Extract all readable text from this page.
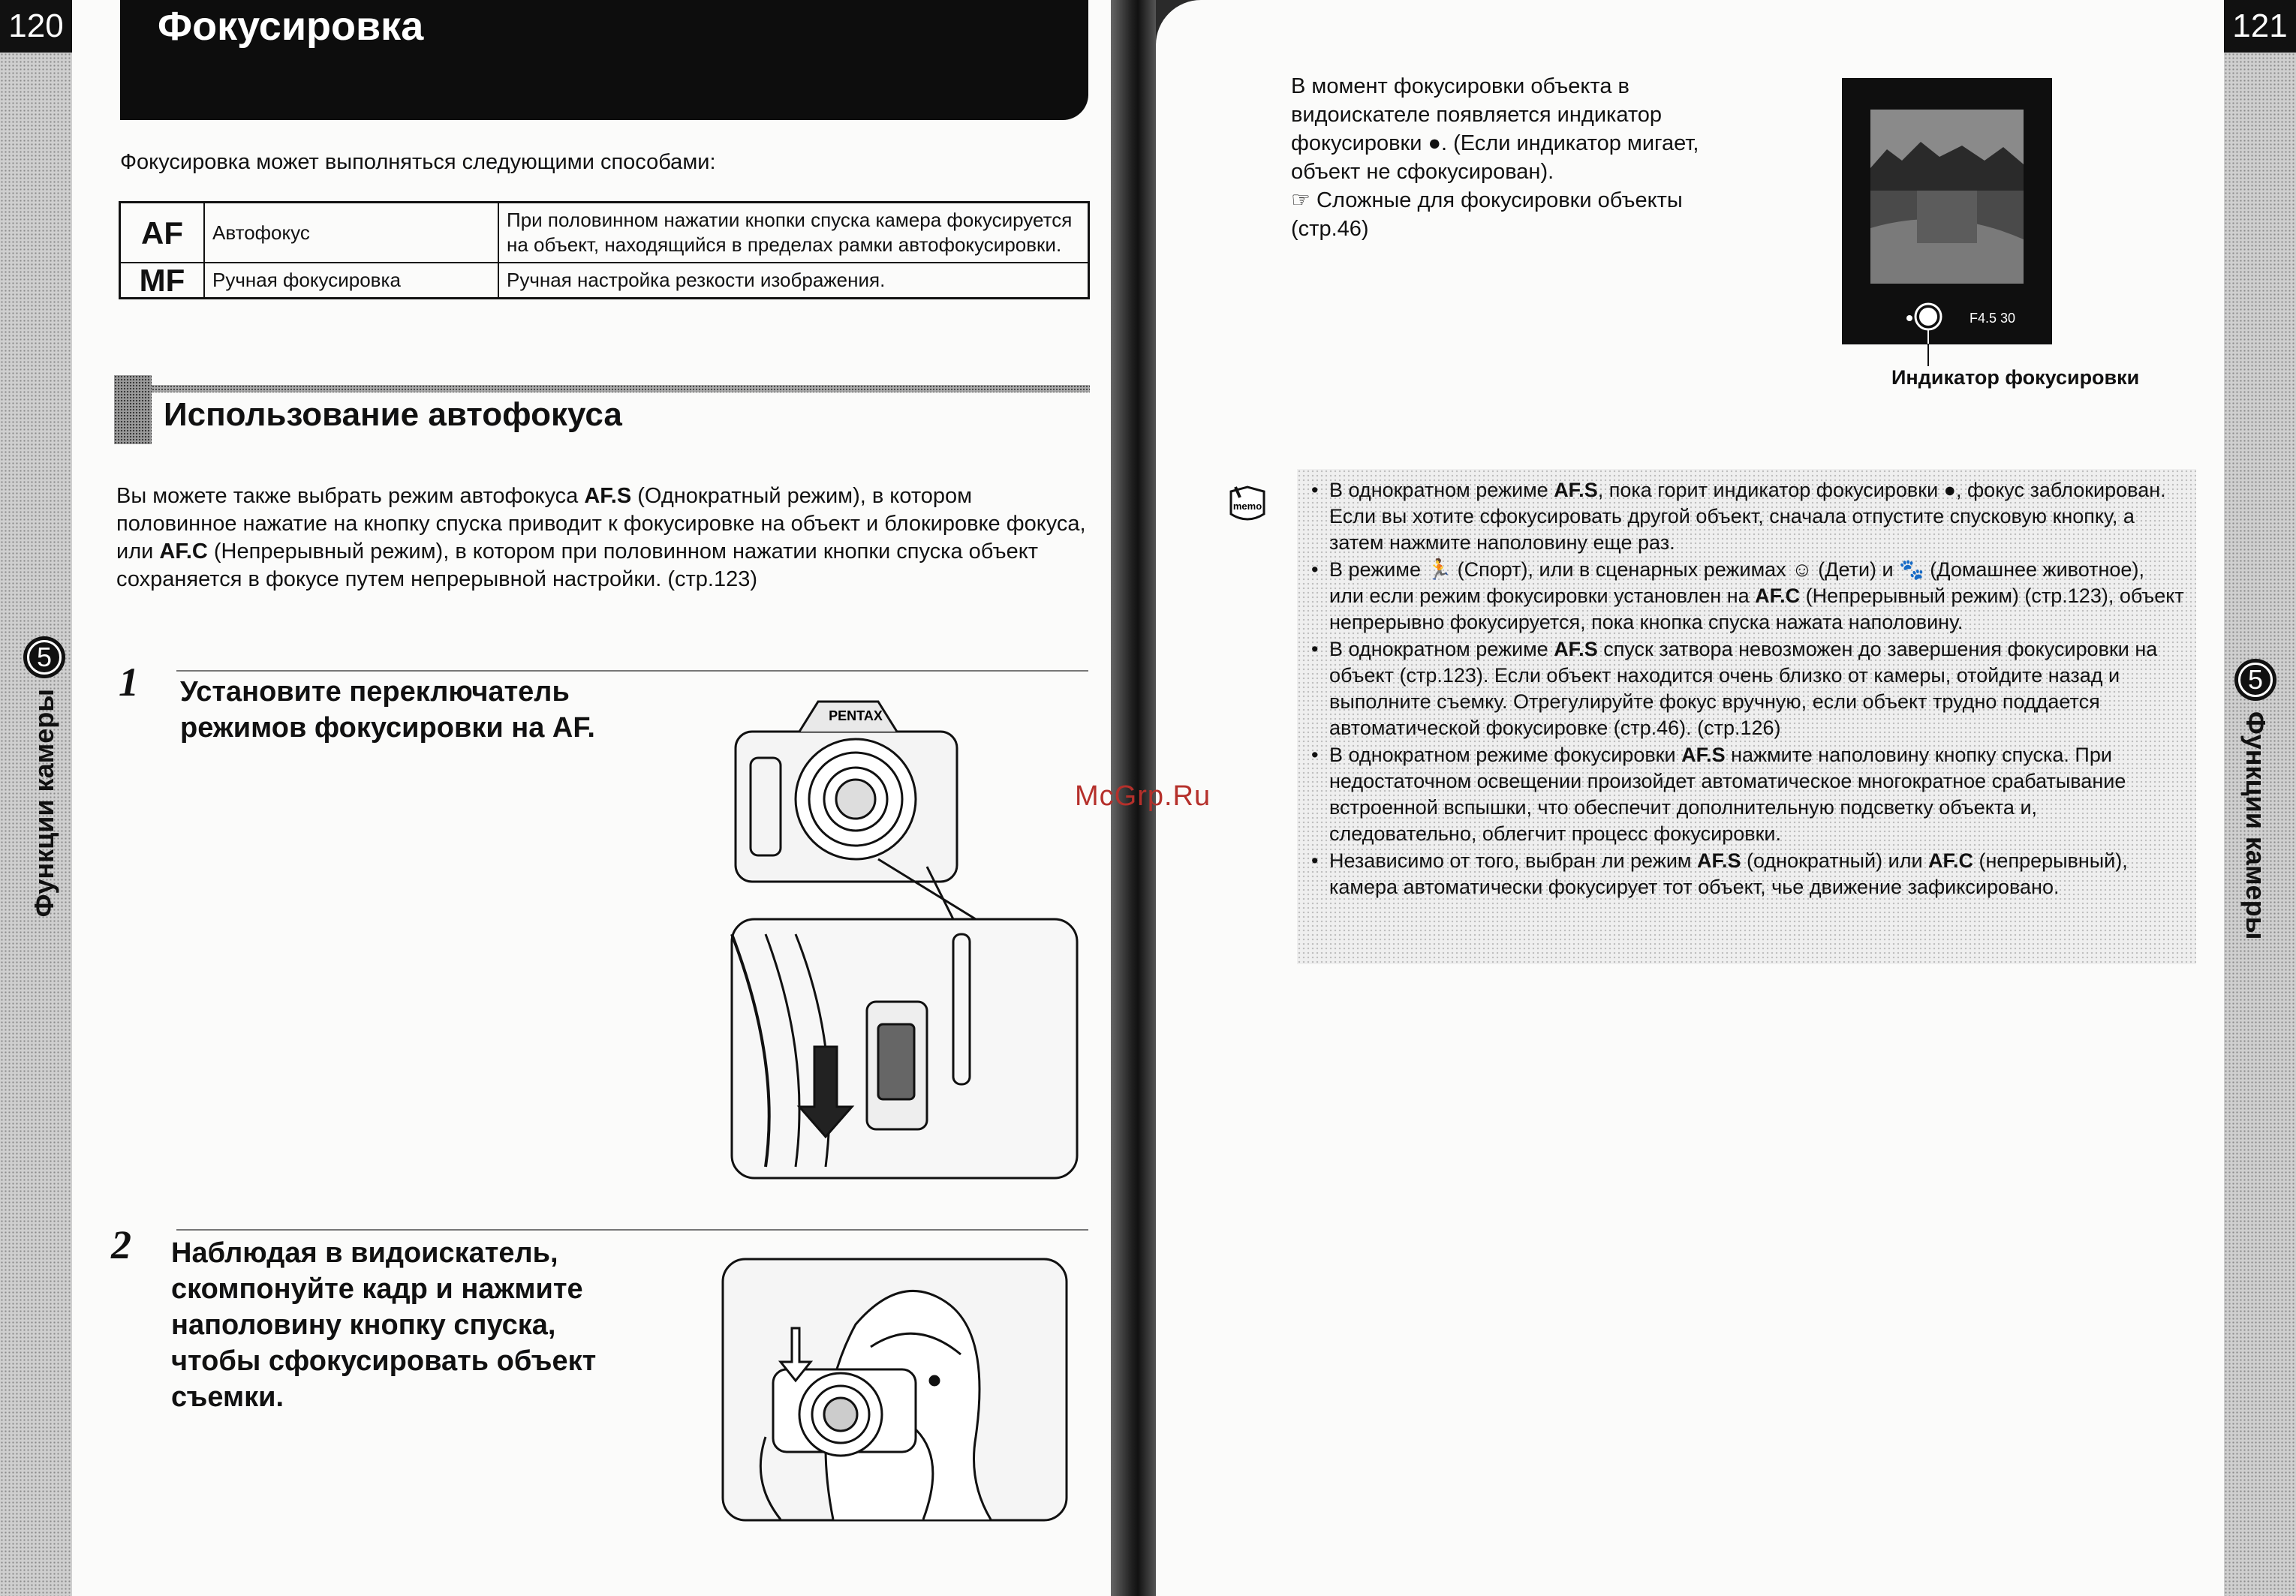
120 Фокусировка
Фокусировка может выполняться следующими способами:
AF	Автофокус	При половинном нажатии кнопки спуска камера фокусируется на объект, находящийся в пределах рамки автофокусировки.
MF	Ручная фокусировка	Ручная настройка резкости изображения.
Использование автофокуса
Вы можете также выбрать режим автофокуса AF.S (Однократный режим), в котором половинное нажатие на кнопку спуска приводит к фокусировке на объект и блокировке фокуса, или AF.C (Непрерывный режим), в котором при половинном нажатии кнопки спуска объект сохраняется в фокусе путем непрерывной настройки. (стр.123)
1 Установите переключатель
режимов фокусировки на AF.	PENTAX
2 Наблюдая в видоискатель,
скомпонуйте кадр и нажмите
наполовину кнопку спуска,
чтобы сфокусировать объект
съемки.
5
Функции камеры
121
В момент фокусировки объекта в
видоискателе появляется индикатор
фокусировки ●. (Если индикатор мигает,
объект не сфокусирован).
☞ Сложные для фокусировки объекты
(стр.46)
F4.5 30
Индикатор фокусировки
memo
• В однократном режиме AF.S, пока горит индикатор фокусировки ●, фокус заблокирован. Если вы хотите сфокусировать другой объект, сначала отпустите спусковую кнопку, а затем нажмите наполовину еще раз.
• В режиме 🏃 (Спорт), или в сценарных режимах ☺ (Дети) и 🐾 (Домашнее животное), или если режим фокусировки установлен на AF.C (Непрерывный режим) (стр.123), объект непрерывно фокусируется, пока кнопка спуска нажата наполовину.
• В однократном режиме AF.S спуск затвора невозможен до завершения фокусировки на объект (стр.123). Если объект находится очень близко от камеры, отойдите назад и выполните съемку. Отрегулируйте фокус вручную, если объект трудно поддается автоматической фокусировке (стр.46). (стр.126)
• В однократном режиме фокусировки AF.S нажмите наполовину кнопку спуска. При недостаточном освещении произойдет автоматическое многократное срабатывание встроенной вспышки, что обеспечит дополнительную подсветку объекта и, следовательно, облегчит процесс фокусировки.
• Независимо от того, выбран ли режим AF.S (однократный) или AF.C (непрерывный), камера автоматически фокусирует тот объект, чье движение зафиксировано.
5
Функции камеры
McGrp.Ru
